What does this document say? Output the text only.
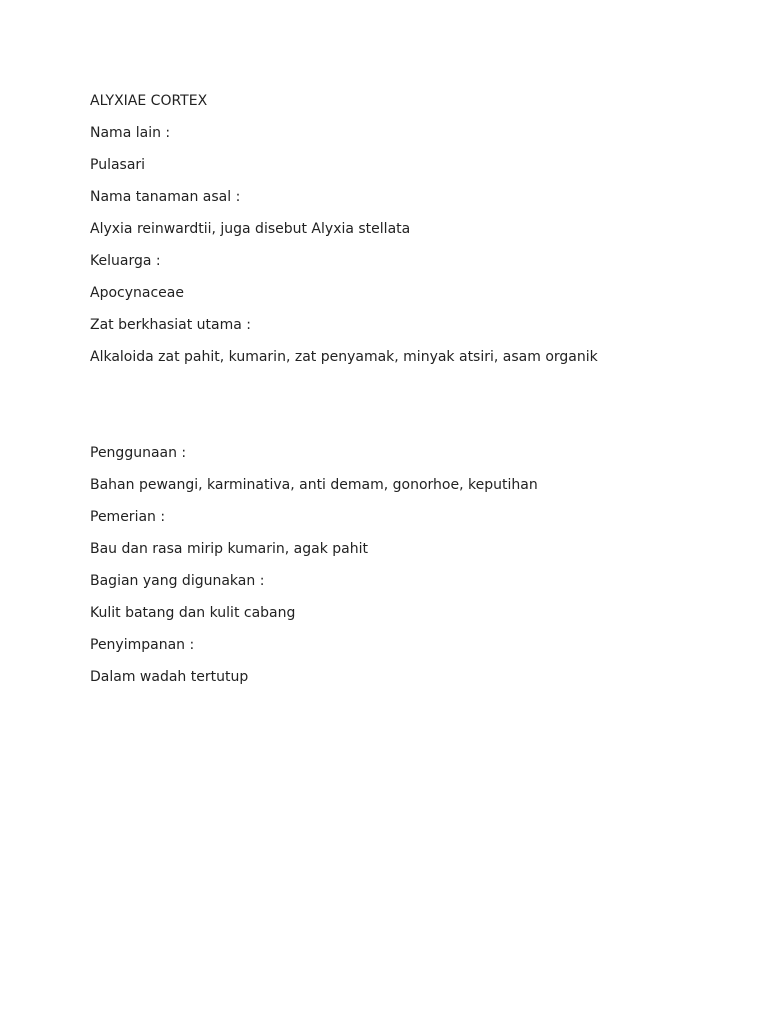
ALYXIAE CORTEX
Nama lain :
Pulasari
Nama tanaman asal :
Alyxia reinwardtii, juga disebut Alyxia stellata
Keluarga :
Apocynaceae
Zat berkhasiat utama :
Alkaloida zat pahit, kumarin, zat penyamak, minyak atsiri, asam organik
Penggunaan :
Bahan pewangi, karminativa, anti demam, gonorhoe, keputihan
Pemerian :
Bau dan rasa mirip kumarin, agak pahit
Bagian yang digunakan :
Kulit batang dan kulit cabang
Penyimpanan :
Dalam wadah tertutup
